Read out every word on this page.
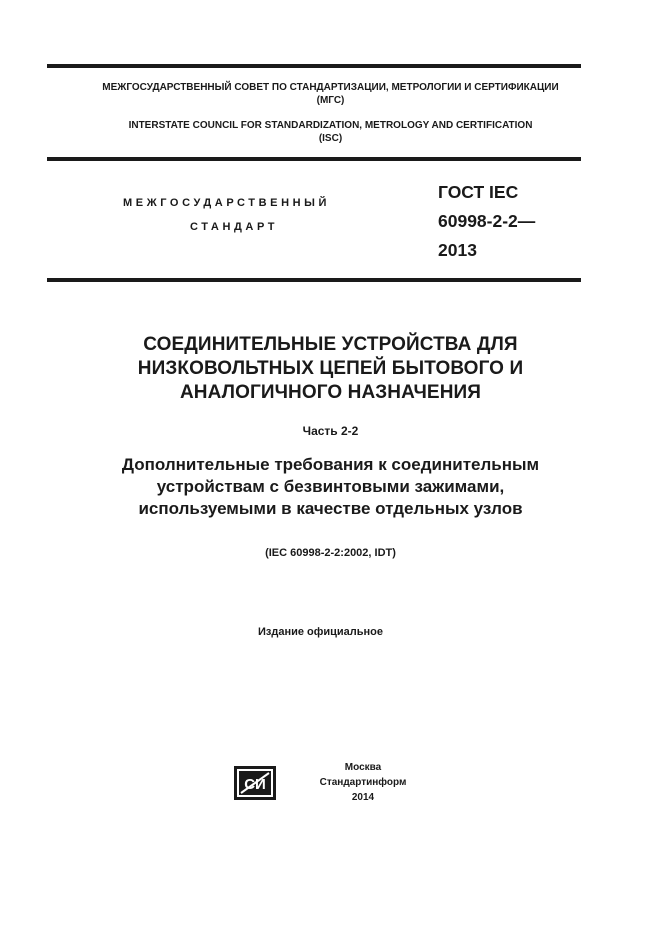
МЕЖГОСУДАРСТВЕННЫЙ СОВЕТ ПО СТАНДАРТИЗАЦИИ, МЕТРОЛОГИИ И СЕРТИФИКАЦИИ
(МГС)
INTERSTATE COUNCIL FOR STANDARDIZATION, METROLOGY AND CERTIFICATION
(ISC)
МЕЖГОСУДАРСТВЕННЫЙ
СТАНДАРТ
ГОСТ IEC
60998-2-2—
2013
СОЕДИНИТЕЛЬНЫЕ УСТРОЙСТВА ДЛЯ
НИЗКОВОЛЬТНЫХ ЦЕПЕЙ БЫТОВОГО И
АНАЛОГИЧНОГО НАЗНАЧЕНИЯ
Часть 2-2
Дополнительные требования к соединительным
устройствам с безвинтовыми зажимами,
используемыми в качестве отдельных узлов
(IEC 60998-2-2:2002, IDT)
Издание официальное
СИ
Москва
Стандартинформ
2014
